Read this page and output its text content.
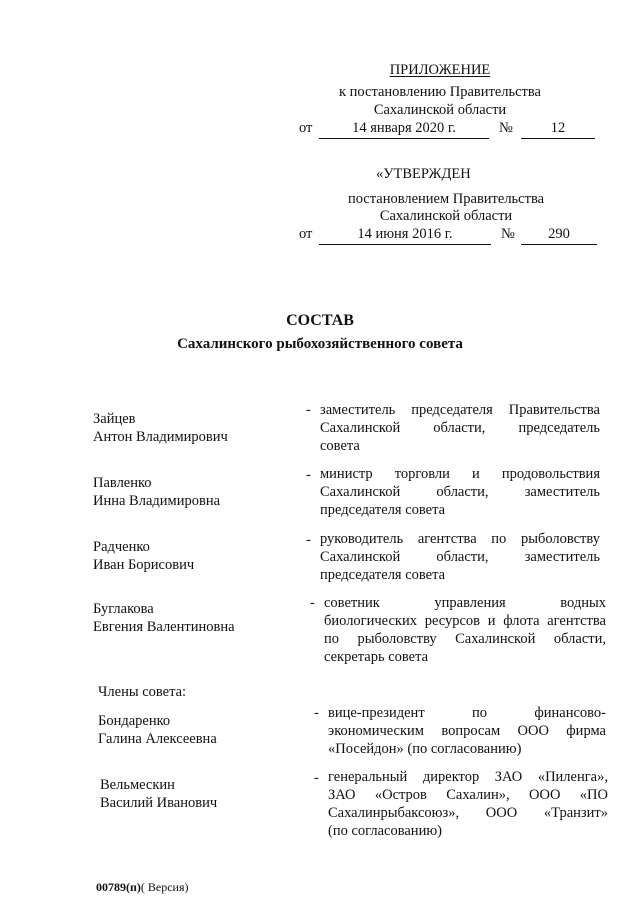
ПРИЛОЖЕНИЕ
к постановлению Правительства
Сахалинской области
от	14 января 2020 г.	№	12
«УТВЕРЖДЕН
постановлением Правительства
Сахалинской области
от	14 июня 2016 г.	№	290
СОСТАВ
Сахалинского рыбохозяйственного совета
Зайцев
Антон Владимирович
- заместитель председателя Правительства
Сахалинской области, председатель
совета
Павленко
Инна Владимировна
- министр торговли и продовольствия
Сахалинской области, заместитель
председателя совета
Радченко
Иван Борисович
- руководитель агентства по рыболовству
Сахалинской области, заместитель
председателя совета
Буглакова
Евгения Валентиновна
- советник управления водных
биологических ресурсов и флота агентства
по рыболовству Сахалинской области,
секретарь совета
Члены совета:
Бондаренко
Галина Алексеевна
- вице-президент по финансово-
экономическим вопросам ООО фирма
«Посейдон» (по согласованию)
Вельмескин
Василий Иванович
- генеральный директор ЗАО «Пиленга»,
ЗАО «Остров Сахалин», ООО «ПО
Сахалинрыбаксоюз», ООО «Транзит»
(по согласованию)
00789(п)( Версия)
